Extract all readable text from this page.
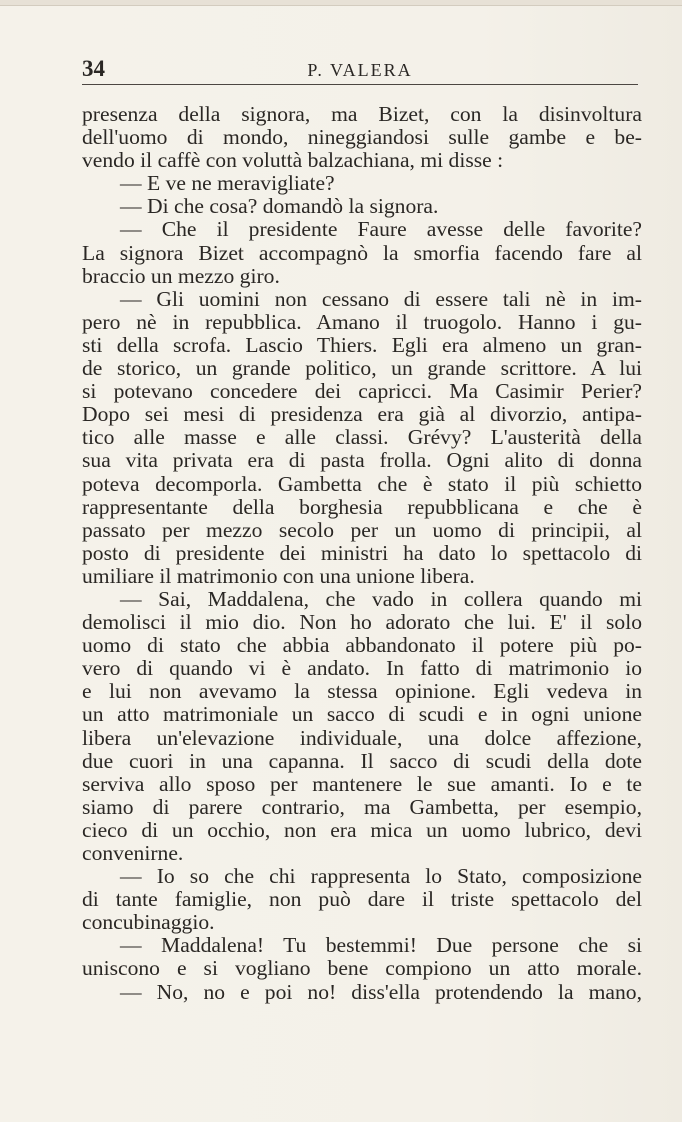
34	P. VALERA
presenza della signora, ma Bizet, con la disinvoltura
dell'uomo di mondo, nineggiandosi sulle gambe e be-
vendo il caffè con voluttà balzachiana, mi disse :
— E ve ne meravigliate?
— Di che cosa? domandò la signora.
— Che il presidente Faure avesse delle favorite?
La signora Bizet accompagnò la smorfia facendo fare al
braccio un mezzo giro.
— Gli uomini non cessano di essere tali nè in im-
pero nè in repubblica. Amano il truogolo. Hanno i gu-
sti della scrofa. Lascio Thiers. Egli era almeno un gran-
de storico, un grande politico, un grande scrittore. A lui
si potevano concedere dei capricci. Ma Casimir Perier?
Dopo sei mesi di presidenza era già al divorzio, antipa-
tico alle masse e alle classi. Grévy? L'austerità della
sua vita privata era di pasta frolla. Ogni alito di donna
poteva decomporla. Gambetta che è stato il più schietto
rappresentante della borghesia repubblicana e che è
passato per mezzo secolo per un uomo di principii, al
posto di presidente dei ministri ha dato lo spettacolo di
umiliare il matrimonio con una unione libera.
— Sai, Maddalena, che vado in collera quando mi
demolisci il mio dio. Non ho adorato che lui. E' il solo
uomo di stato che abbia abbandonato il potere più po-
vero di quando vi è andato. In fatto di matrimonio io
e lui non avevamo la stessa opinione. Egli vedeva in
un atto matrimoniale un sacco di scudi e in ogni unione
libera un'elevazione individuale, una dolce affezione,
due cuori in una capanna. Il sacco di scudi della dote
serviva allo sposo per mantenere le sue amanti. Io e te
siamo di parere contrario, ma Gambetta, per esempio,
cieco di un occhio, non era mica un uomo lubrico, devi
convenirne.
— Io so che chi rappresenta lo Stato, composizione
di tante famiglie, non può dare il triste spettacolo del
concubinaggio.
— Maddalena! Tu bestemmi! Due persone che si
uniscono e si vogliano bene compiono un atto morale.
— No, no e poi no! diss'ella protendendo la mano,
